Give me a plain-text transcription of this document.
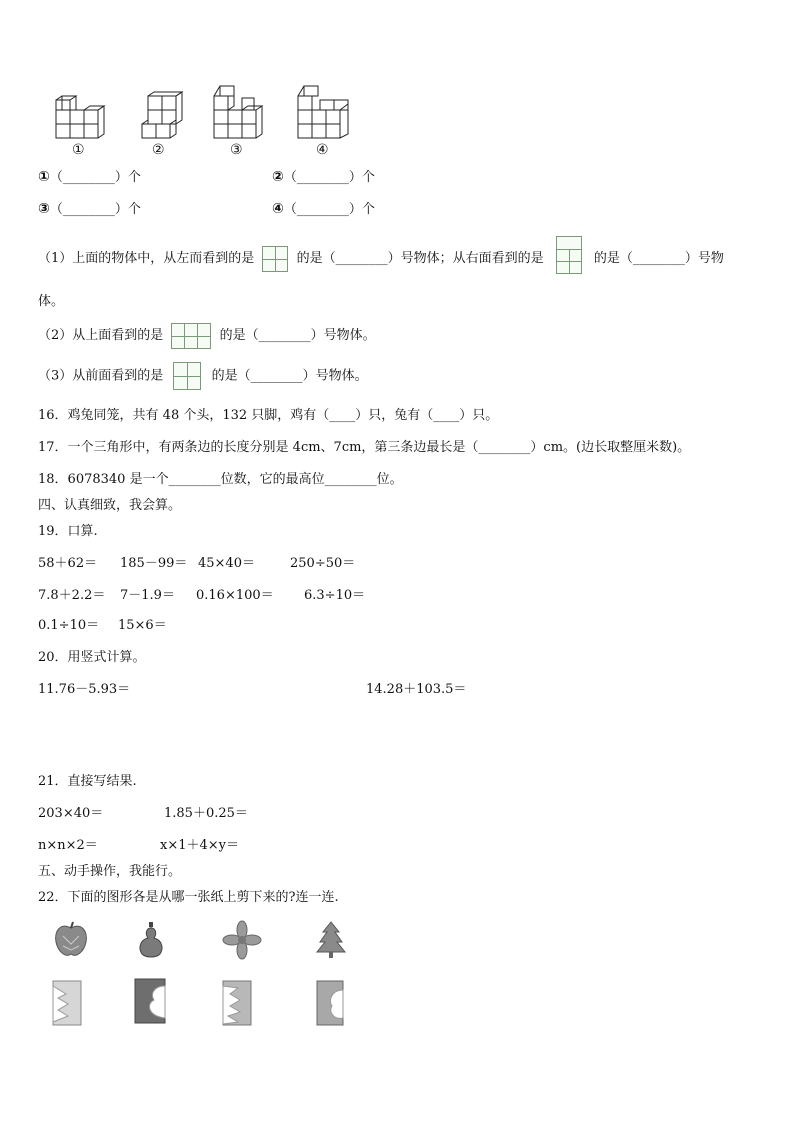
①	②	③	④
①（________）个	②（________）个
③（________）个	④（________）个
（1）上面的物体中，从左而看到的是	的是（________）号物体；从右面看到的是	的是（________）号物
体。
（2）从上面看到的是	的是（________）号物体。
（3）从前面看到的是	的是（________）号物体。
16．鸡兔同笼，共有 48 个头，132 只脚，鸡有（____）只，兔有（____）只。
17．一个三角形中，有两条边的长度分别是 4cm、7cm，第三条边最长是（________）cm。(边长取整厘米数)。
18．6078340 是一个________位数，它的最高位________位。
四、认真细致，我会算。
19．口算.
58＋62＝ 185－99＝ 45×40＝	250÷50＝
7.8＋2.2＝ 7－1.9＝ 0.16×100＝ 6.3÷10＝
0.1÷10＝ 15×6＝
20．用竖式计算。
11.76－5.93＝	14.28＋103.5＝
21．直接写结果.
203×40＝	1.85＋0.25＝
n×n×2＝	x×1＋4×y＝
五、动手操作，我能行。
22．下面的图形各是从哪一张纸上剪下来的?连一连.
